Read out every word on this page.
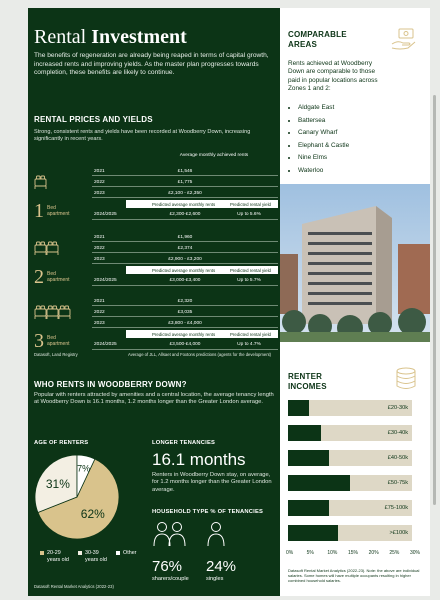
Rental Investment
The benefits of regeneration are already being reaped in terms of capital growth, increased rents and improving yields. As the master plan progresses towards completion, these benefits are likely to continue.
RENTAL PRICES AND YIELDS
Strong, consistent rents and yields have been recorded at Woodberry Down, increasing significantly in recent years.
Average monthly achieved rents
1 Bed
apartment
2021	£1,546
2022	£1,775
2023	£2,100 - £2,350
Predicted average monthly rents	Predicted rental yield
2024/2025	£2,300-£2,600	Up to 5.6%
2 Bed
apartment
2021	£1,960
2022	£2,374
2023	£2,900 - £3,200
Predicted average monthly rents	Predicted rental yield
2024/2025	£3,000-£3,400	Up to 5.7%
3 Bed
apartment
2021	£2,320
2022	£3,035
2023	£3,800 - £4,000
Predicted average monthly rents	Predicted rental yield
2024/2025	£3,500-£4,000	Up to 4.7%
Datasoft, Land Registry	Average of JLL, Allsaet and Foxtons predictions (agents for the development)
COMPARABLE
AREAS
Rents achieved at Woodberry Down are comparable to those paid in popular locations across Zones 1 and 2:
• Aldgate East
• Battersea
• Canary Wharf
• Elephant & Castle
• Nine Elms
• Waterloo
WHO RENTS IN WOODBERRY DOWN?
Popular with renters attracted by amenities and a central location, the average tenancy length at Woodberry Down is 16.1 months, 1.2 months longer than the Greater London average.
AGE OF RENTERS
62%
31%
7%
20-29
years old
30-39
years old
Other
LONGER TENANCIES
16.1 months
Renters in Woodberry Down stay, on average, for 1.2 months longer than the Greater London average.
HOUSEHOLD TYPE % OF TENANCIES
76%
sharers/couple
24%
singles
Datasoft Rental Market Analytics (2022-23)
RENTER
INCOMES
£20-30k
£30-40k
£40-50k
£50-75k
£75-100k
>£100k
0%	5%	10% 15% 20% 25% 30%
Datasoft Rental Market Analytics (2022-23). Note: the above are individual salaries. Some homes will have multiple occupants resulting in higher combined household salaries.
